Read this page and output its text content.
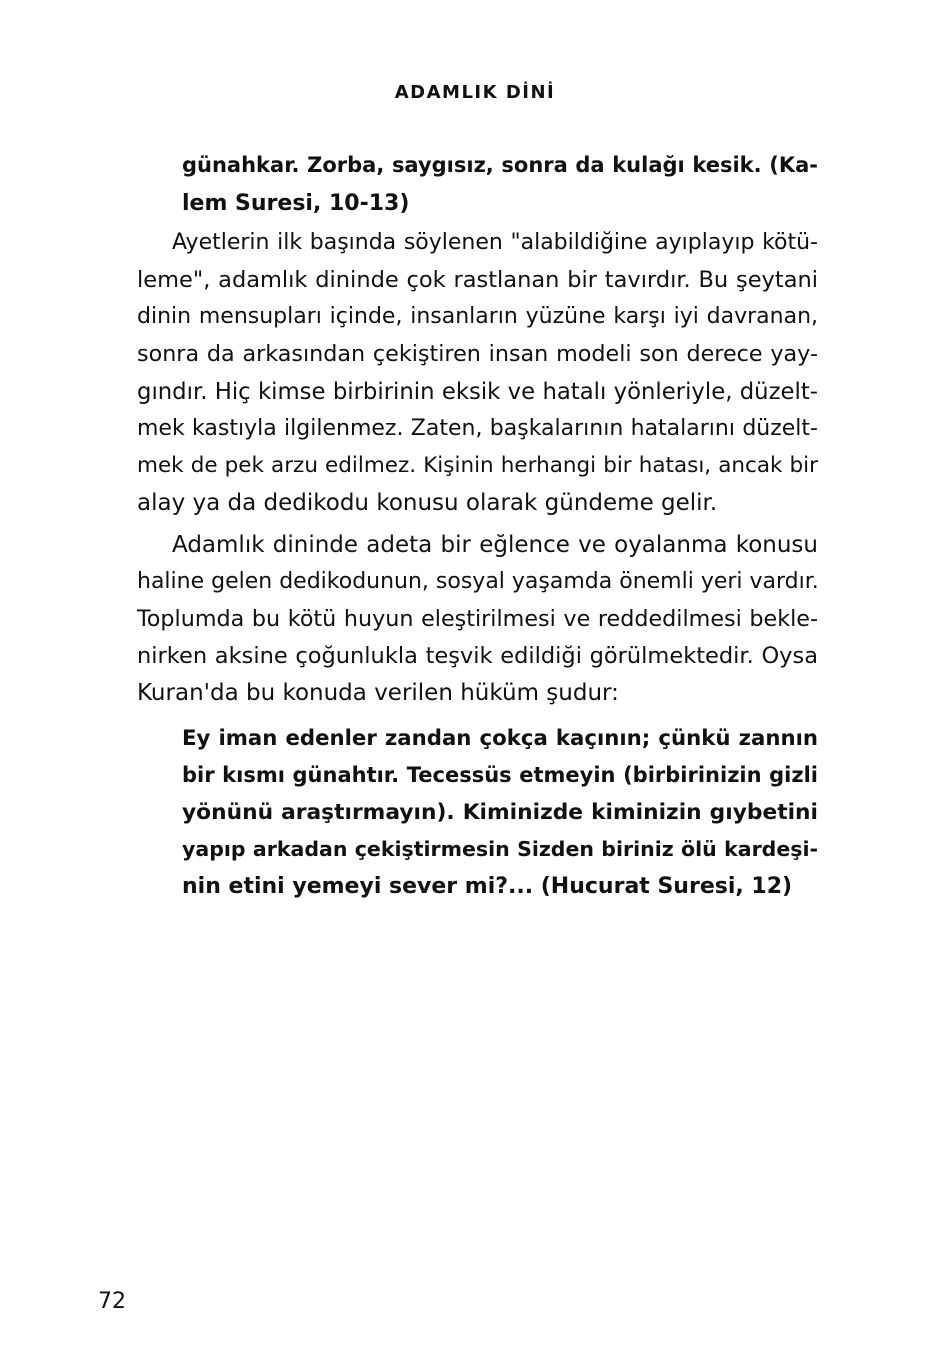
ADAMLIK DİNİ

günahkar. Zorba, saygısız, sonra da kulağı kesik. (Ka-

lem Suresi, 10-13)

Ayetlerin ilk başında söylenen "alabildiğine ayıplayıp kötü-

leme", adamlık dininde çok rastlanan bir tavırdır. Bu şeytani

dinin mensupları içinde, insanların yüzüne karşı iyi davranan,

sonra da arkasından çekiştiren insan modeli son derece yay-

gındır. Hiç kimse birbirinin eksik ve hatalı yönleriyle, düzelt-

mek kastıyla ilgilenmez. Zaten, başkalarının hatalarını düzelt-

mek de pek arzu edilmez. Kişinin herhangi bir hatası, ancak bir

alay ya da dedikodu konusu olarak gündeme gelir.

Adamlık dininde adeta bir eğlence ve oyalanma konusu

haline gelen dedikodunun, sosyal yaşamda önemli yeri vardır.

Toplumda bu kötü huyun eleştirilmesi ve reddedilmesi bekle-

nirken aksine çoğunlukla teşvik edildiği görülmektedir. Oysa

Kuran'da bu konuda verilen hüküm şudur:

Ey iman edenler zandan çokça kaçının; çünkü zannın

bir kısmı günahtır. Tecessüs etmeyin (birbirinizin gizli

yönünü araştırmayın). Kiminizde kiminizin gıybetini

yapıp arkadan çekiştirmesin Sizden biriniz ölü kardeşi-

nin etini yemeyi sever mi?... (Hucurat Suresi, 12)

72
